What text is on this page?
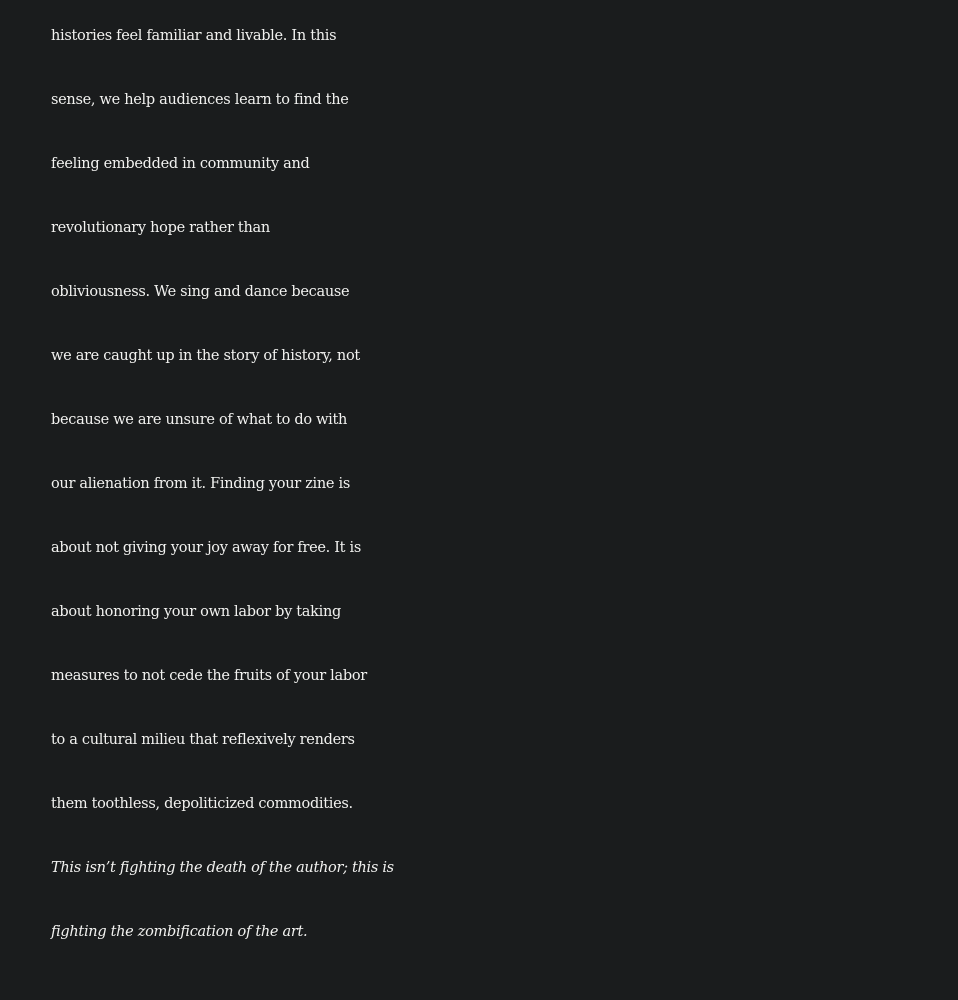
histories feel familiar and livable. In this
sense, we help audiences learn to find the
feeling embedded in community and
revolutionary hope rather than
obliviousness. We sing and dance because
we are caught up in the story of history, not
because we are unsure of what to do with
our alienation from it. Finding your zine is
about not giving your joy away for free. It is
about honoring your own labor by taking
measures to not cede the fruits of your labor
to a cultural milieu that reflexively renders
them toothless, depoliticized commodities.
This isn’t fighting the death of the author; this is
fighting the zombification of the art.
